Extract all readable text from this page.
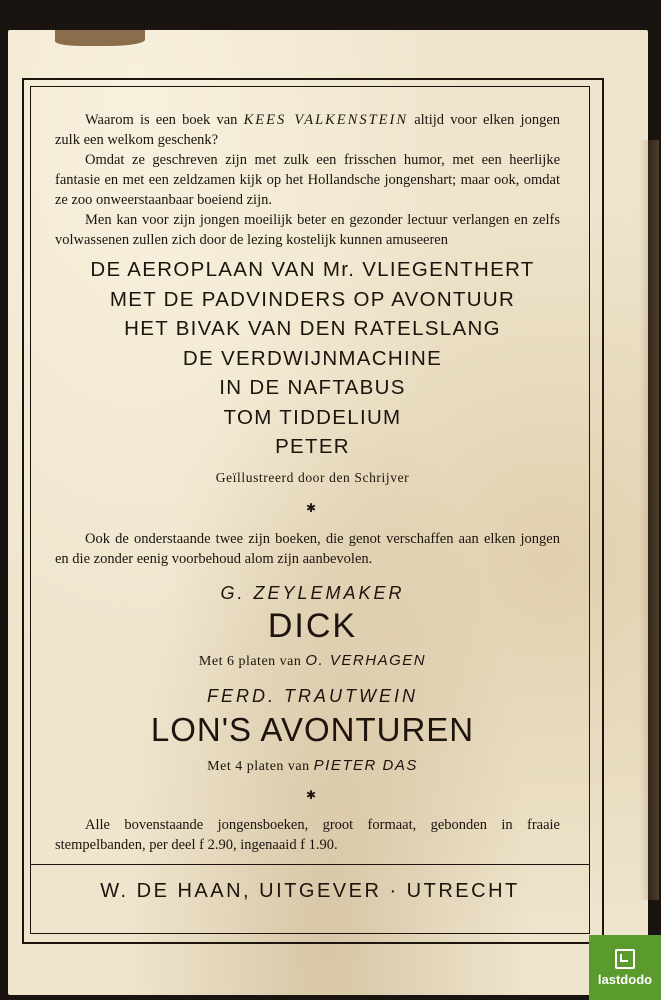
Waarom is een boek van KEES VALKENSTEIN altijd voor elken jongen zulk een welkom geschenk?

Omdat ze geschreven zijn met zulk een frisschen humor, met een heerlijke fantasie en met een zeldzamen kijk op het Hollandsche jongenshart; maar ook, omdat ze zoo onweerstaanbaar boeiend zijn.

Men kan voor zijn jongen moeilijk beter en gezonder lectuur verlangen en zelfs volwassenen zullen zich door de lezing kostelijk kunnen amuseeren

DE AEROPLAAN VAN Mr. VLIEGENTHERT
MET DE PADVINDERS OP AVONTUUR
HET BIVAK VAN DEN RATELSLANG
DE VERDWIJNMACHINE
IN DE NAFTABUS
TOM TIDDELIUM
PETER
Geïllustreerd door den Schrijver
✱

Ook de onderstaande twee zijn boeken, die genot verschaffen aan elken jongen en die zonder eenig voorbehoud alom zijn aanbevolen.

G. ZEYLEMAKER
DICK
Met 6 platen van O. VERHAGEN
FERD. TRAUTWEIN
LON'S AVONTUREN
Met 4 platen van PIETER DAS
✱

Alle bovenstaande jongensboeken, groot formaat, gebonden in fraaie stempelbanden, per deel f 2.90, ingenaaid f 1.90.

W. DE HAAN, UITGEVER · UTRECHT
lastdodo
